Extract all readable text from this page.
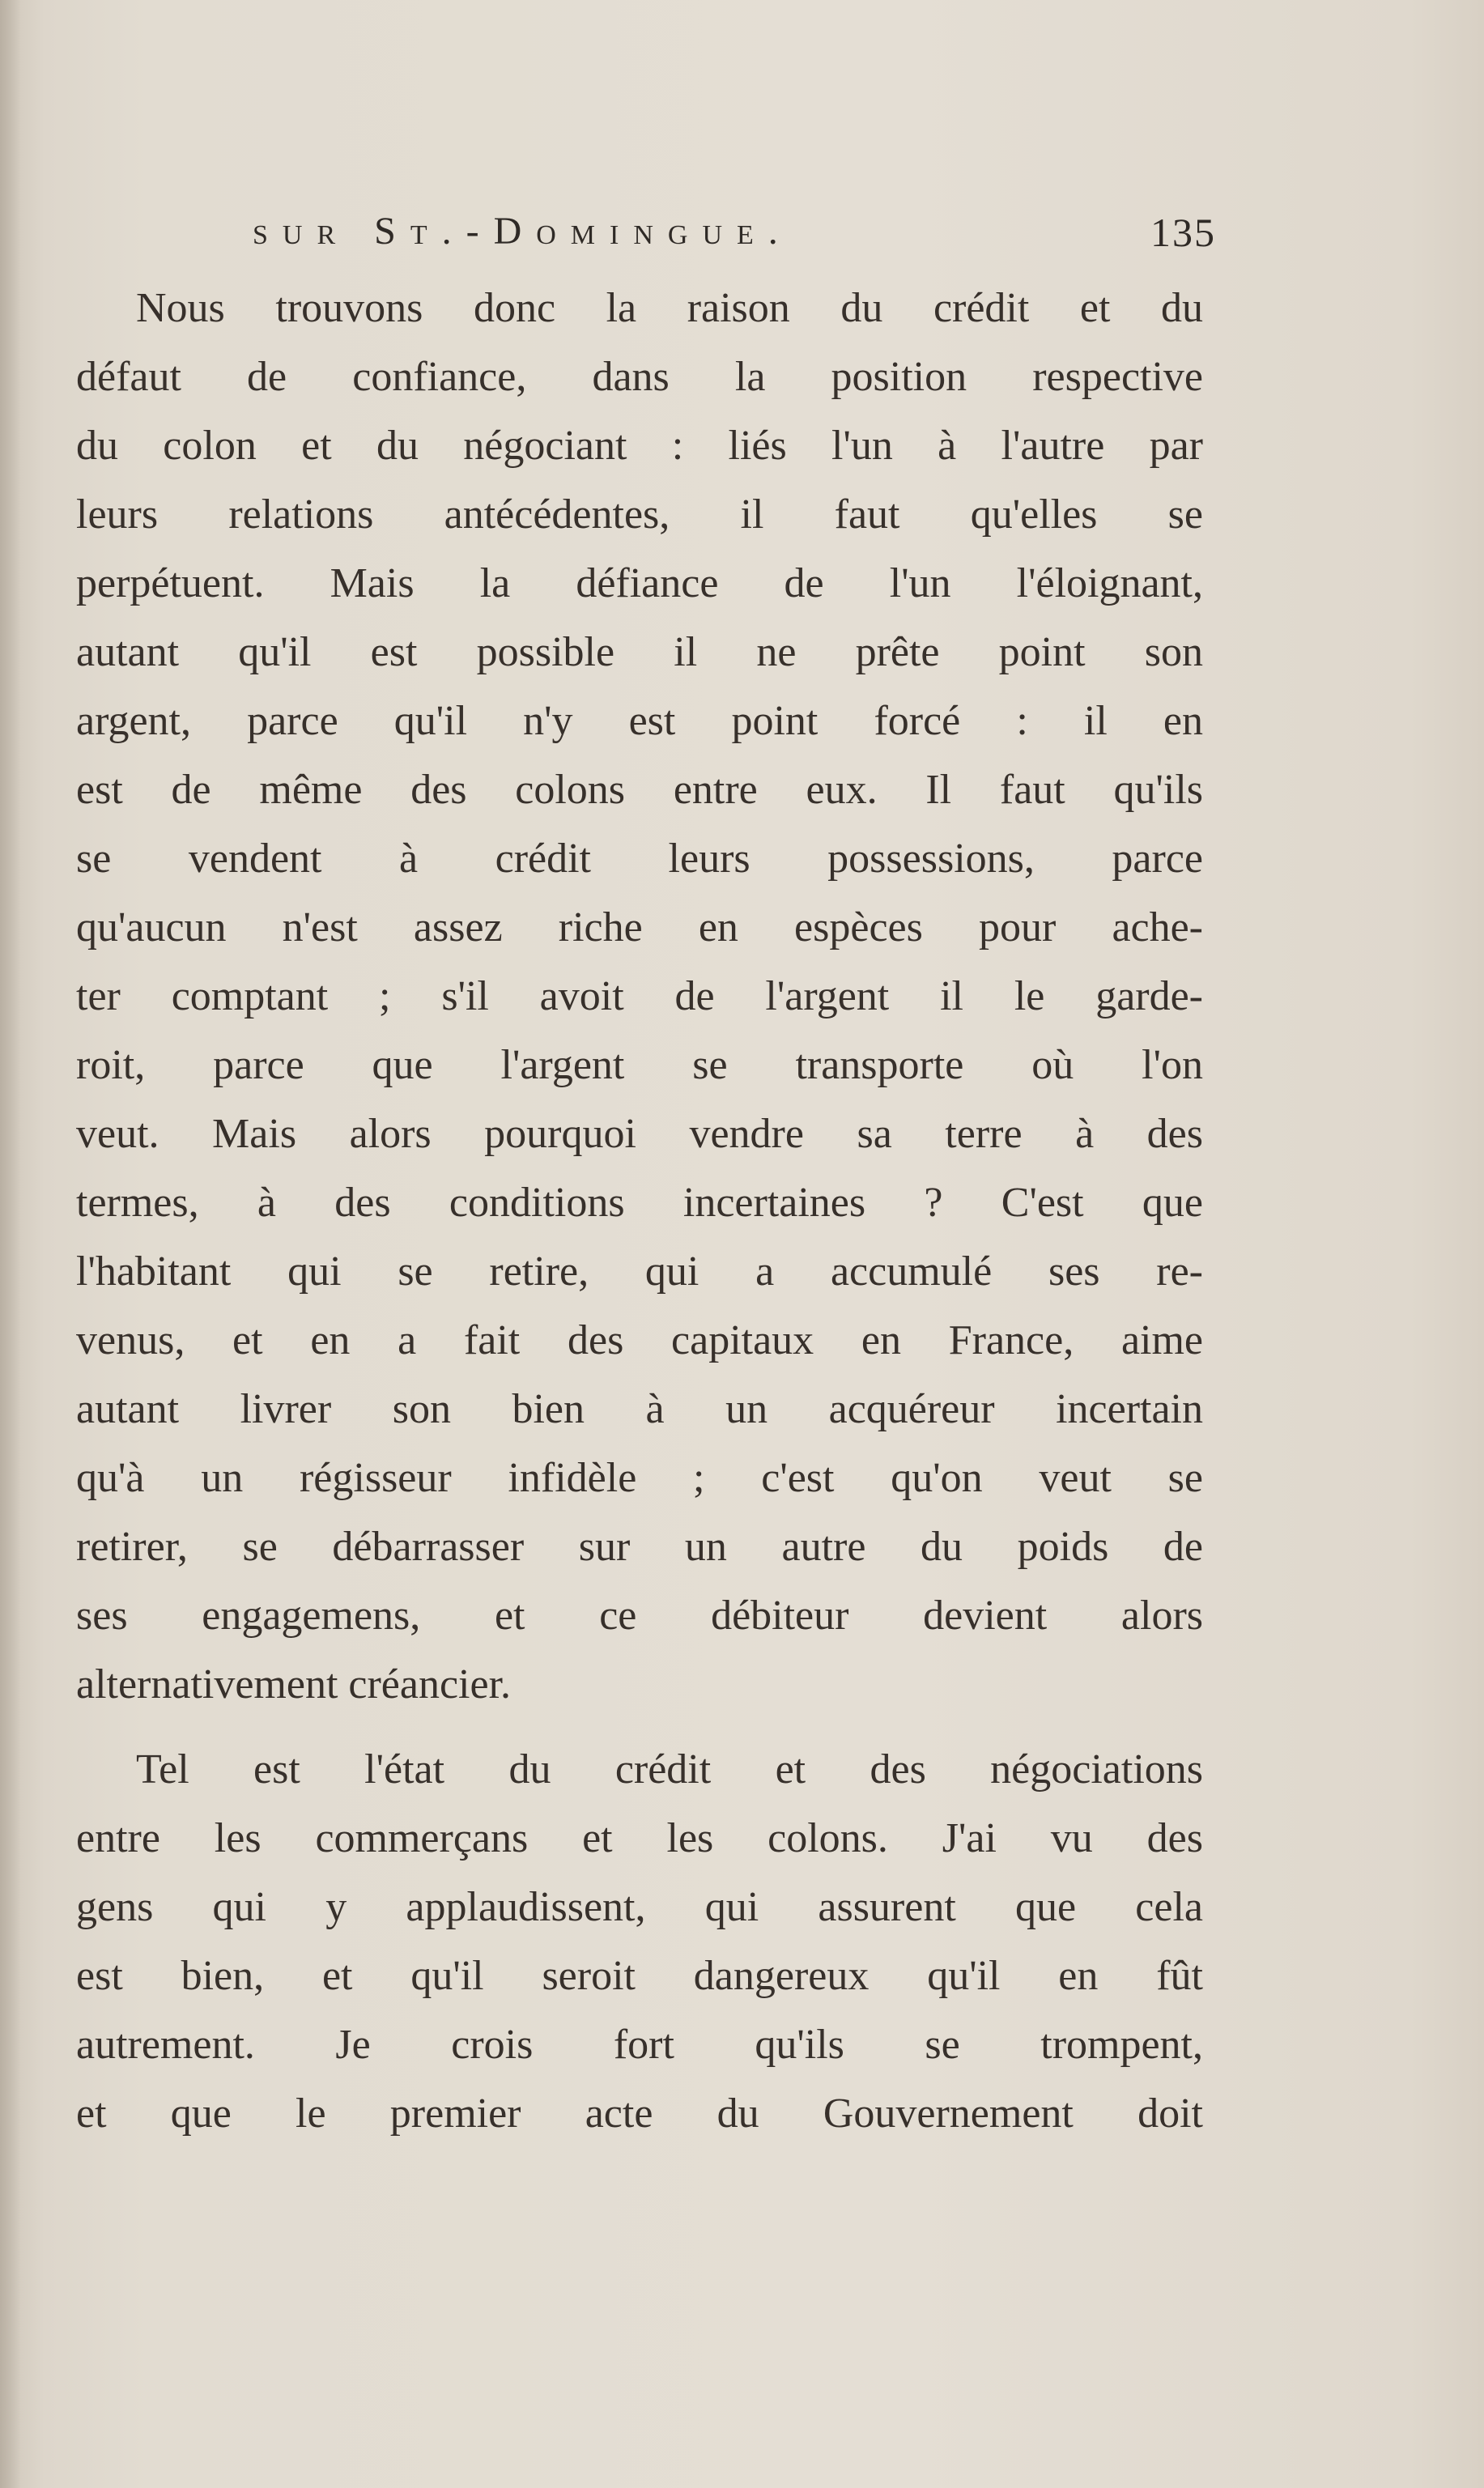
sur St.-Domingue.	135
Nous trouvons donc la raison du crédit et du
défaut de confiance, dans la position respective
du colon et du négociant : liés l'un à l'autre par
leurs relations antécédentes, il faut qu'elles se
perpétuent. Mais la défiance de l'un l'éloignant,
autant qu'il est possible il ne prête point son
argent, parce qu'il n'y est point forcé : il en
est de même des colons entre eux. Il faut qu'ils
se vendent à crédit leurs possessions, parce
qu'aucun n'est assez riche en espèces pour ache-
ter comptant ; s'il avoit de l'argent il le garde-
roit, parce que l'argent se transporte où l'on
veut. Mais alors pourquoi vendre sa terre à des
termes, à des conditions incertaines ? C'est que
l'habitant qui se retire, qui a accumulé ses re-
venus, et en a fait des capitaux en France, aime
autant livrer son bien à un acquéreur incertain
qu'à un régisseur infidèle ; c'est qu'on veut se
retirer, se débarrasser sur un autre du poids de
ses engagemens, et ce débiteur devient alors
alternativement créancier.
Tel est l'état du crédit et des négociations
entre les commerçans et les colons. J'ai vu des
gens qui y applaudissent, qui assurent que cela
est bien, et qu'il seroit dangereux qu'il en fût
autrement. Je crois fort qu'ils se trompent,
et que le premier acte du Gouvernement doit
